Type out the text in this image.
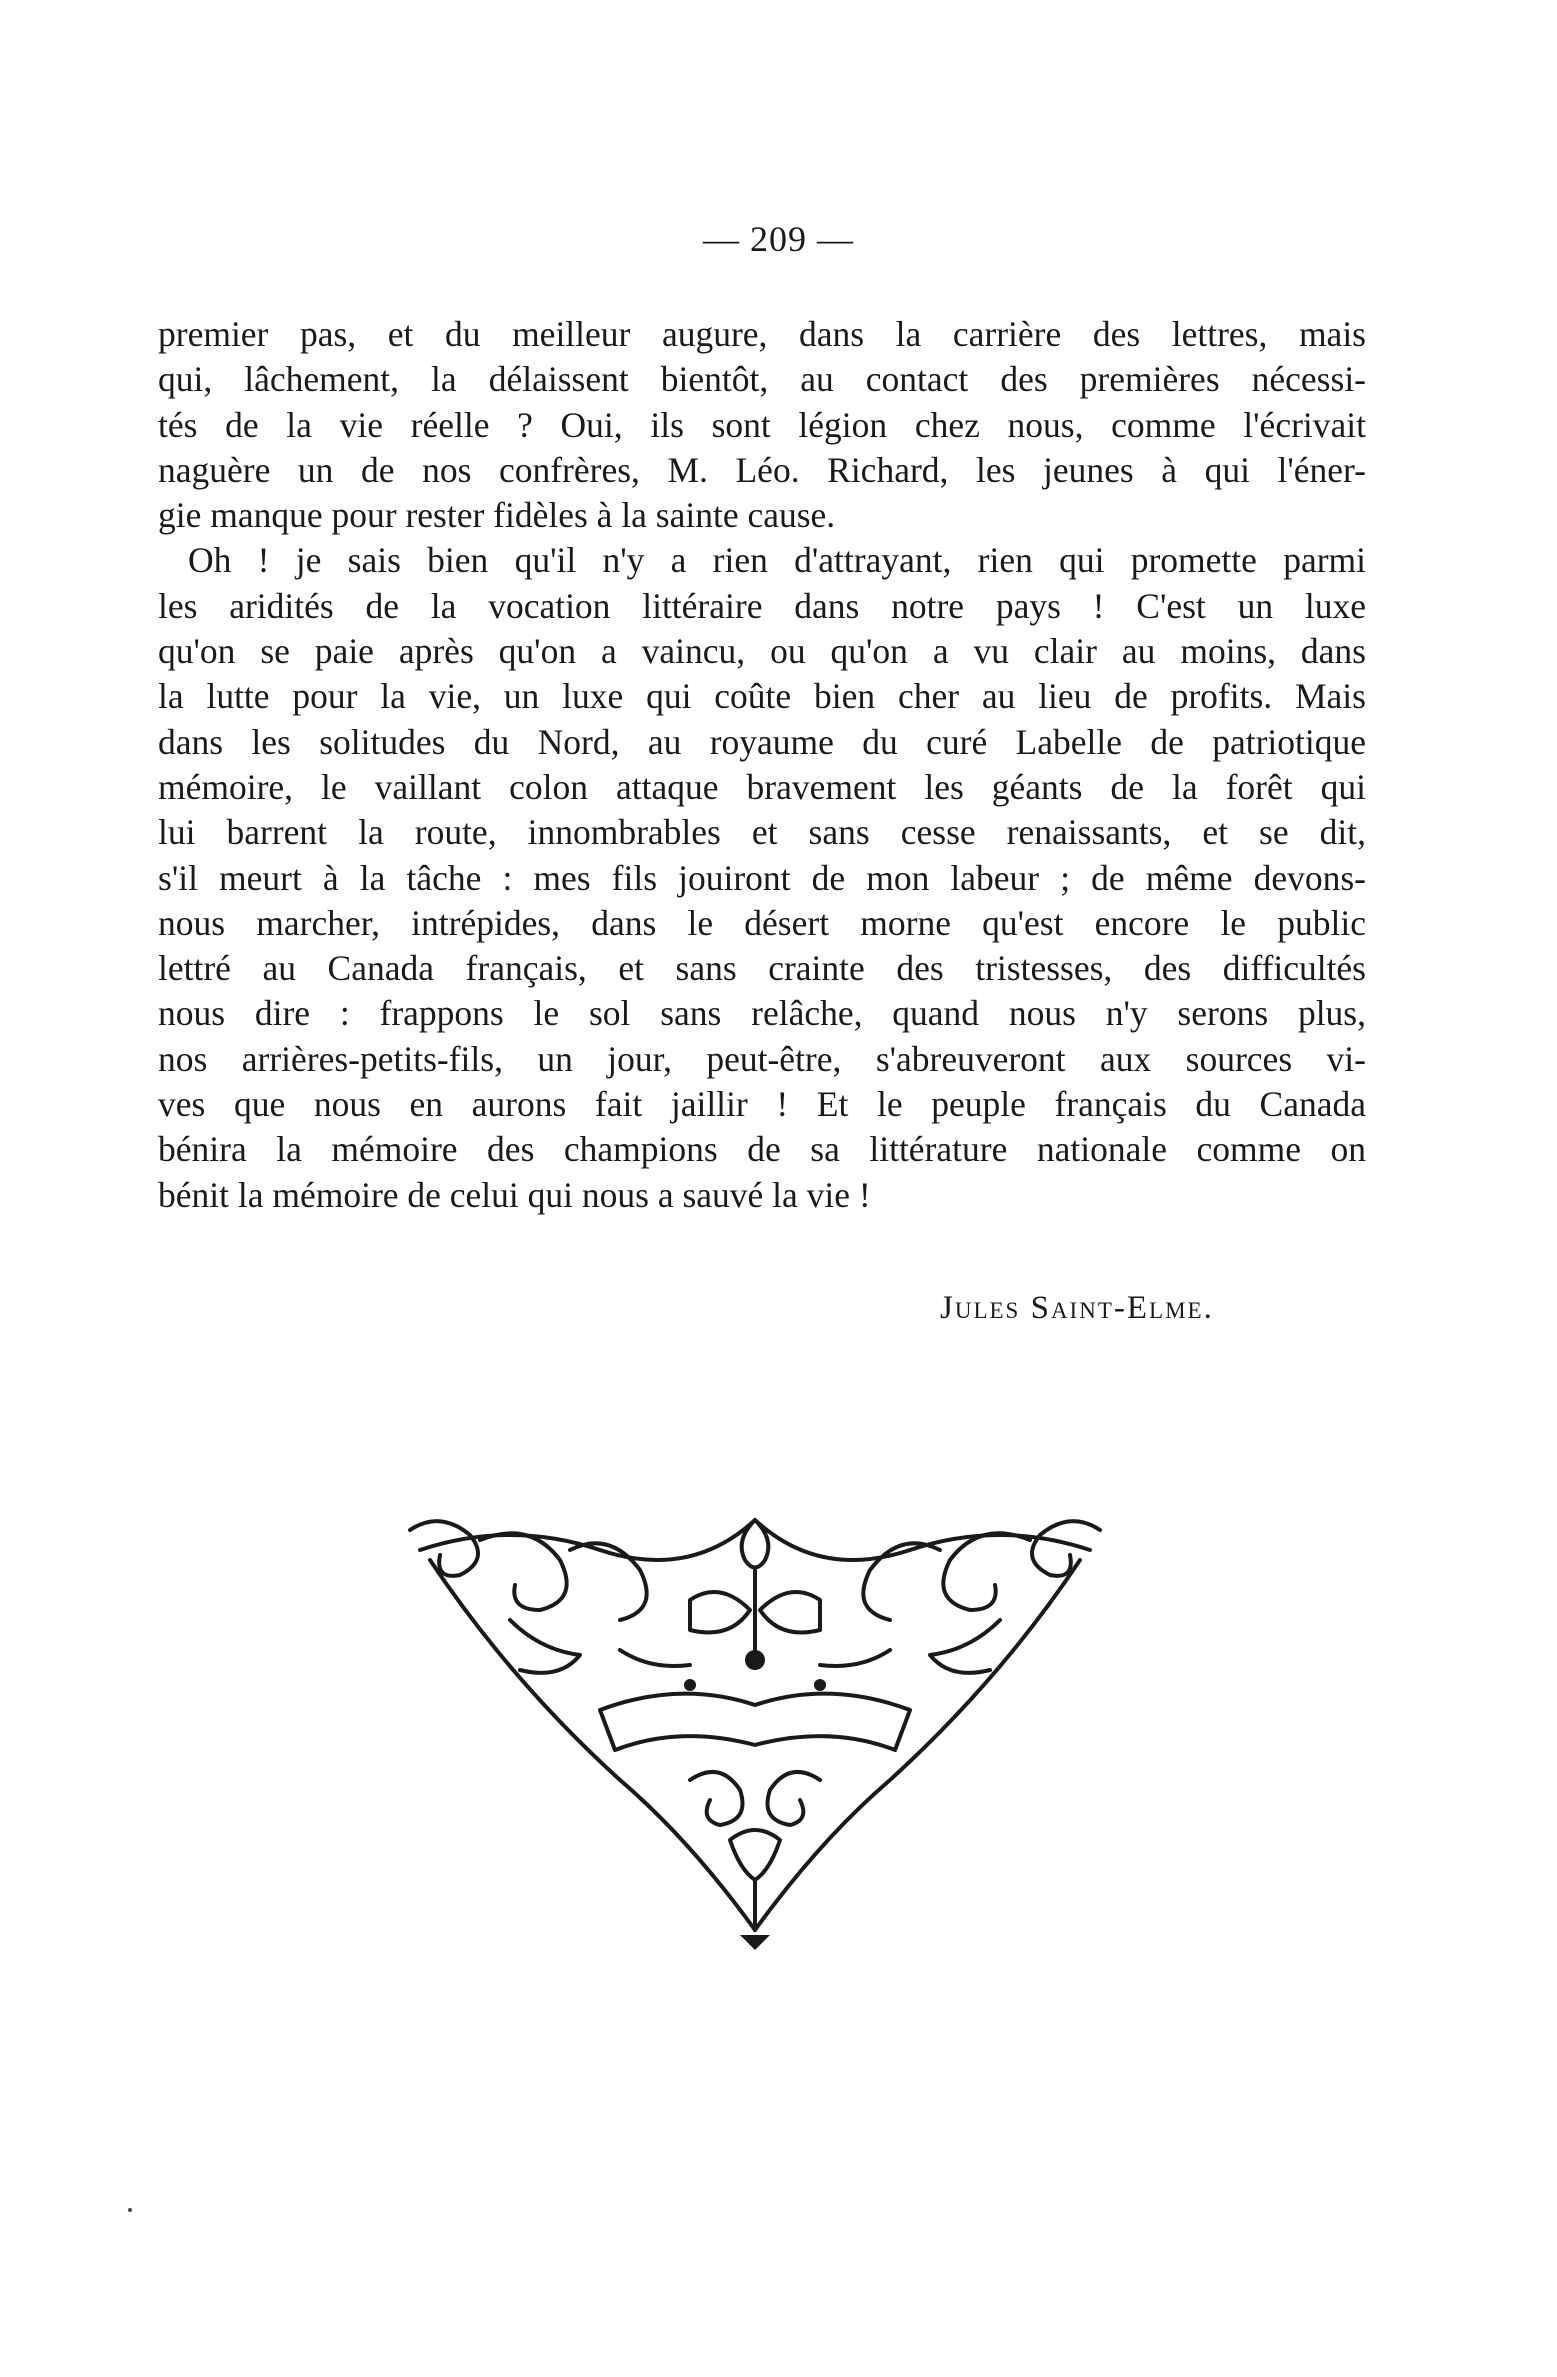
— 209 —
premier pas, et du meilleur augure, dans la carrière des lettres, mais
qui, lâchement, la délaissent bientôt, au contact des premières nécessi-
tés de la vie réelle ? Oui, ils sont légion chez nous, comme l'écrivait
naguère un de nos confrères, M. Léo. Richard, les jeunes à qui l'éner-
gie manque pour rester fidèles à la sainte cause.
Oh ! je sais bien qu'il n'y a rien d'attrayant, rien qui promette parmi
les aridités de la vocation littéraire dans notre pays ! C'est un luxe
qu'on se paie après qu'on a vaincu, ou qu'on a vu clair au moins, dans
la lutte pour la vie, un luxe qui coûte bien cher au lieu de profits. Mais
dans les solitudes du Nord, au royaume du curé Labelle de patriotique
mémoire, le vaillant colon attaque bravement les géants de la forêt qui
lui barrent la route, innombrables et sans cesse renaissants, et se dit,
s'il meurt à la tâche : mes fils jouiront de mon labeur ; de même devons-
nous marcher, intrépides, dans le désert morne qu'est encore le public
lettré au Canada français, et sans crainte des tristesses, des difficultés
nous dire : frappons le sol sans relâche, quand nous n'y serons plus,
nos arrières-petits-fils, un jour, peut-être, s'abreuveront aux sources vi-
ves que nous en aurons fait jaillir ! Et le peuple français du Canada
bénira la mémoire des champions de sa littérature nationale comme on
bénit la mémoire de celui qui nous a sauvé la vie !
Jules Saint-Elme.
